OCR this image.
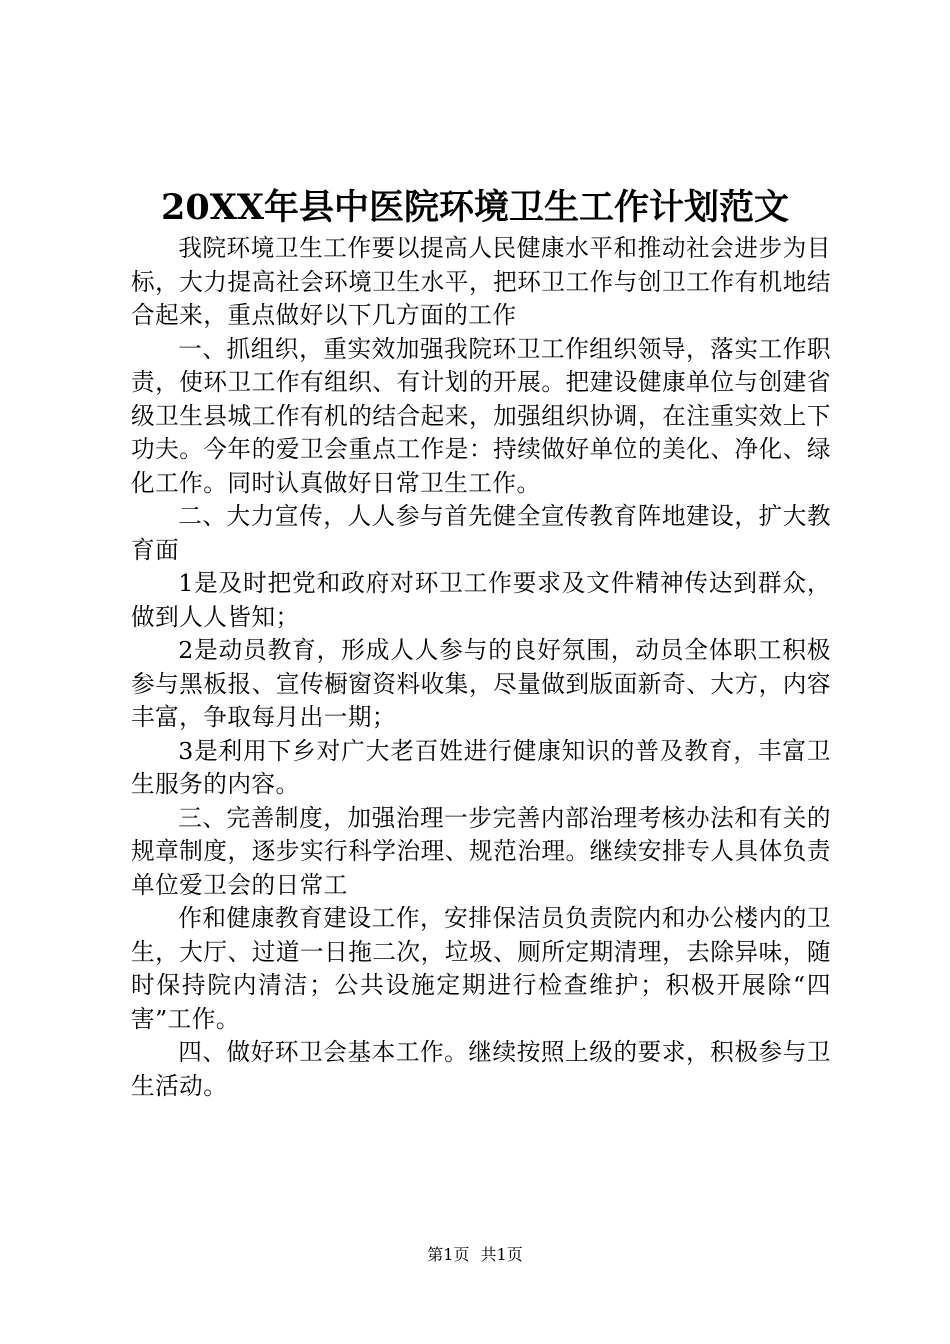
20XX年县中医院环境卫生工作计划范文

我院环境卫生工作要以提高人民健康水平和推动社会进步为目标，大力提高社会环境卫生水平，把环卫工作与创卫工作有机地结合起来，重点做好以下几方面的工作

一、抓组织，重实效加强我院环卫工作组织领导，落实工作职责，使环卫工作有组织、有计划的开展。把建设健康单位与创建省级卫生县城工作有机的结合起来，加强组织协调，在注重实效上下功夫。今年的爱卫会重点工作是：持续做好单位的美化、净化、绿化工作。同时认真做好日常卫生工作。

二、大力宣传，人人参与首先健全宣传教育阵地建设，扩大教育面

1是及时把党和政府对环卫工作要求及文件精神传达到群众，做到人人皆知；

2是动员教育，形成人人参与的良好氛围，动员全体职工积极参与黑板报、宣传橱窗资料收集，尽量做到版面新奇、大方，内容丰富，争取每月出一期；

3是利用下乡对广大老百姓进行健康知识的普及教育，丰富卫生服务的内容。

三、完善制度，加强治理一步完善内部治理考核办法和有关的规章制度，逐步实行科学治理、规范治理。继续安排专人具体负责单位爱卫会的日常工

作和健康教育建设工作，安排保洁员负责院内和办公楼内的卫生，大厅、过道一日拖二次，垃圾、厕所定期清理，去除异味，随时保持院内清洁；公共设施定期进行检查维护；积极开展除“四害”工作。

四、做好环卫会基本工作。继续按照上级的要求，积极参与卫生活动。

第1页 共1页
